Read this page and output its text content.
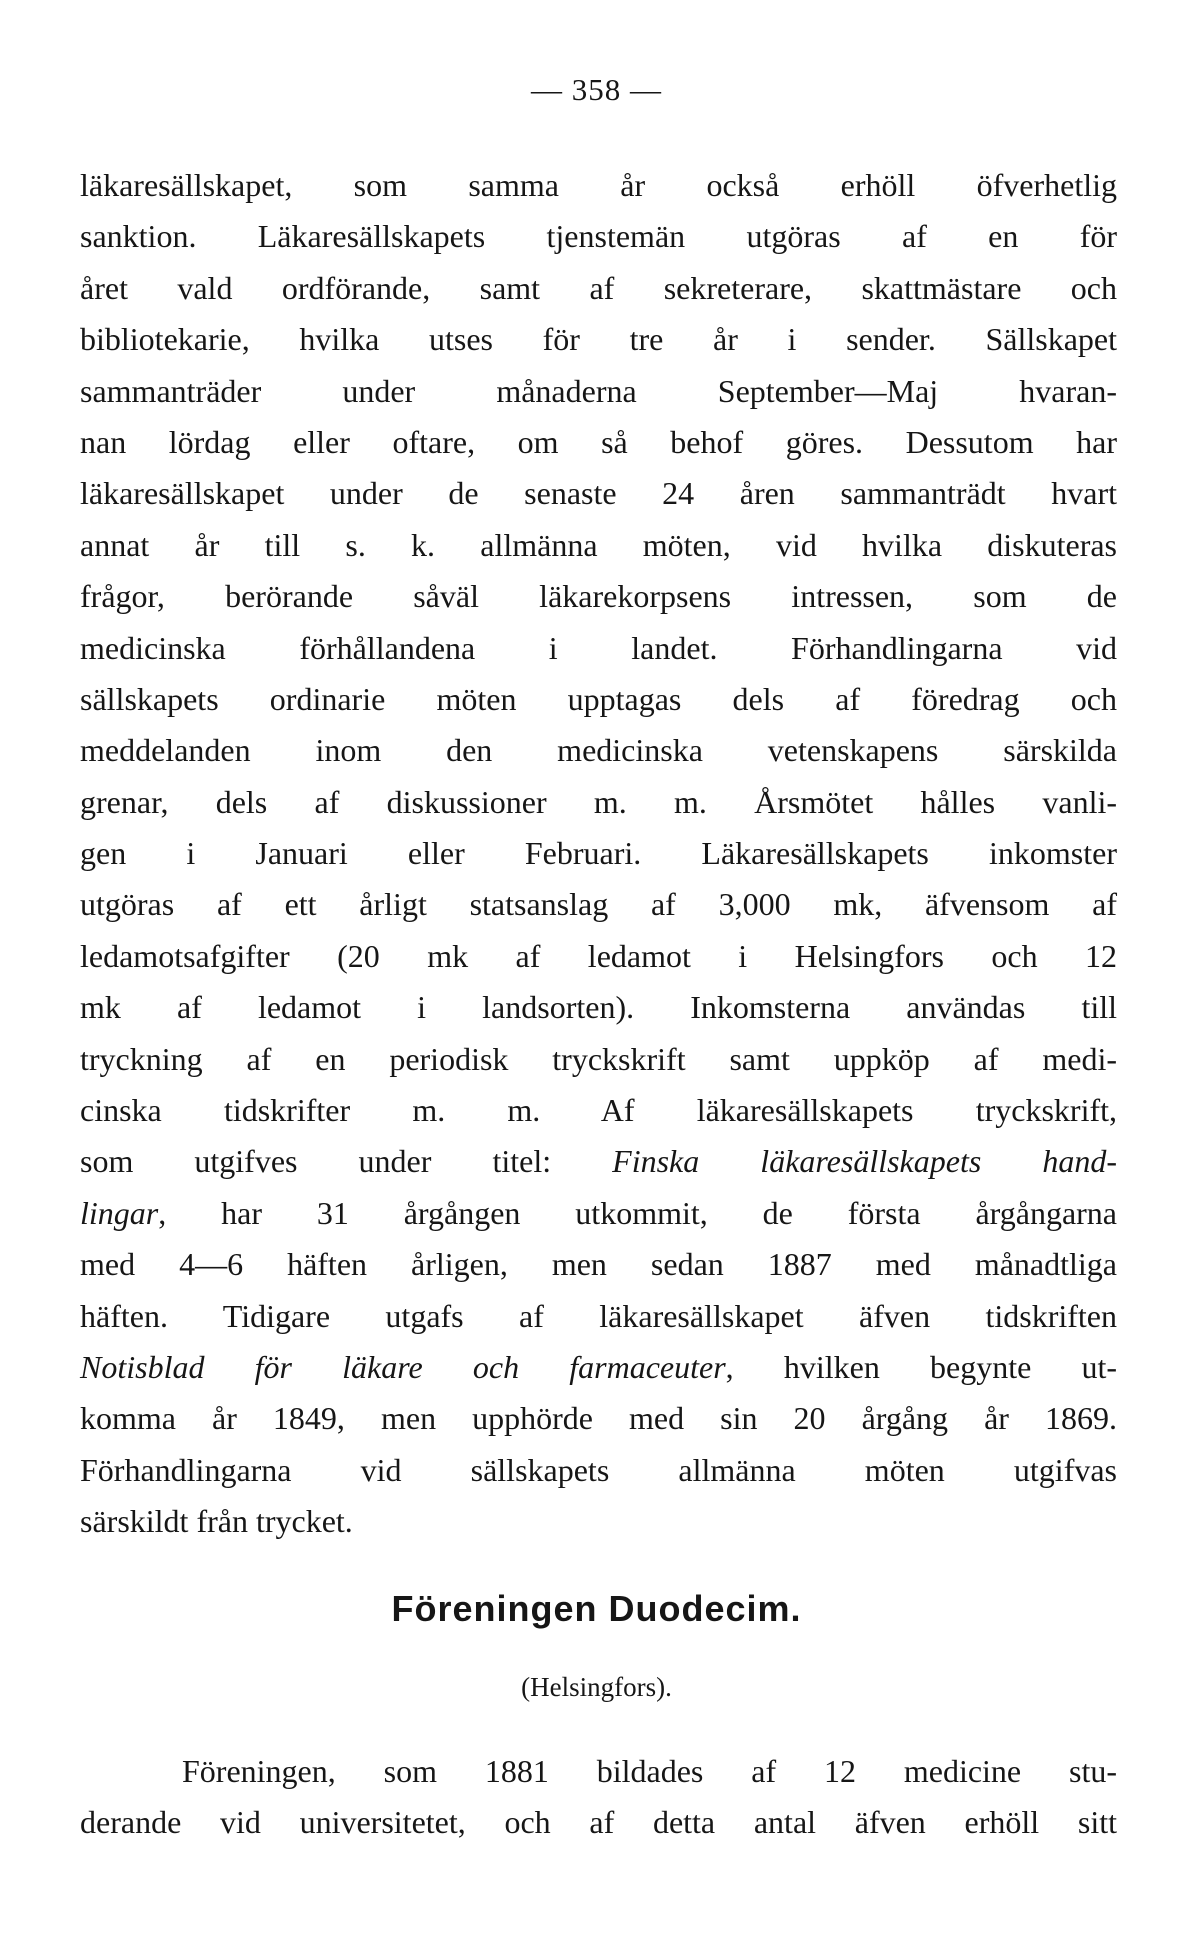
— 358 —
läkaresällskapet, som samma år också erhöll öfverhetlig
sanktion. Läkaresällskapets tjenstemän utgöras af en för
året vald ordförande, samt af sekreterare, skattmästare och
bibliotekarie, hvilka utses för tre år i sender. Sällskapet
sammanträder under månaderna September—Maj hvaran-
nan lördag eller oftare, om så behof göres. Dessutom har
läkaresällskapet under de senaste 24 åren sammanträdt hvart
annat år till s. k. allmänna möten, vid hvilka diskuteras
frågor, berörande såväl läkarekorpsens intressen, som de
medicinska förhållandena i landet. Förhandlingarna vid
sällskapets ordinarie möten upptagas dels af föredrag och
meddelanden inom den medicinska vetenskapens särskilda
grenar, dels af diskussioner m. m. Årsmötet hålles vanli-
gen i Januari eller Februari. Läkaresällskapets inkomster
utgöras af ett årligt statsanslag af 3,000 mk, äfvensom af
ledamotsafgifter (20 mk af ledamot i Helsingfors och 12
mk af ledamot i landsorten). Inkomsterna användas till
tryckning af en periodisk tryckskrift samt uppköp af medi-
cinska tidskrifter m. m. Af läkaresällskapets tryckskrift,
som utgifves under titel: Finska läkaresällskapets hand-
lingar, har 31 årgången utkommit, de första årgångarna
med 4—6 häften årligen, men sedan 1887 med månadtliga
häften. Tidigare utgafs af läkaresällskapet äfven tidskriften
Notisblad för läkare och farmaceuter, hvilken begynte ut-
komma år 1849, men upphörde med sin 20 årgång år 1869.
Förhandlingarna vid sällskapets allmänna möten utgifvas
särskildt från trycket.
Föreningen Duodecim.
(Helsingfors).
Föreningen, som 1881 bildades af 12 medicine stu-
derande vid universitetet, och af detta antal äfven erhöll sitt
